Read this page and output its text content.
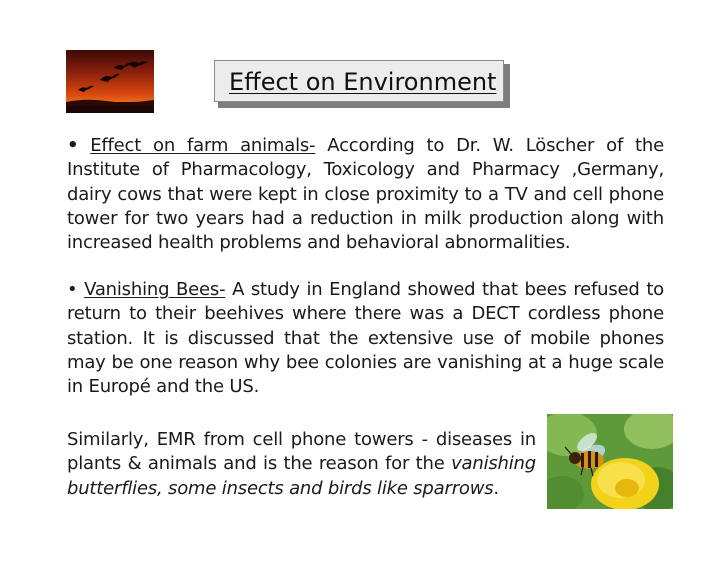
Effect on Environment

• Effect on farm animals- According to Dr. W. Löscher of the Institute of Pharmacology, Toxicology and Pharmacy ,Germany, dairy cows that were kept in close proximity to a TV and cell phone tower for two years had a reduction in milk production along with increased health problems and behavioral abnormalities.

• Vanishing Bees- A study in England showed that bees refused to return to their beehives where there was a DECT cordless phone station. It is discussed that the extensive use of mobile phones may be one reason why bee colonies are vanishing at a huge scale in Europé and the US.

Similarly, EMR from cell phone towers - diseases in plants & animals and is the reason for the vanishing butterflies, some insects and birds like sparrows.
